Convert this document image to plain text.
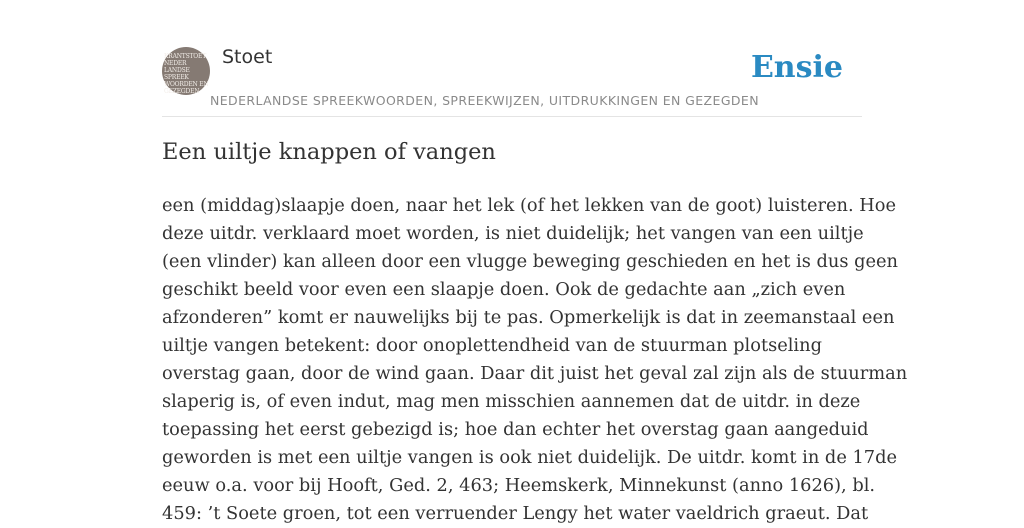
KRANTSTOET
NEDER
LANDSE
SPREEK
WOORDEN EN
GEZEGDEN
Stoet
NEDERLANDSE SPREEKWOORDEN, SPREEKWIJZEN, UITDRUKKINGEN EN GEZEGDEN
Ensie
Een uiltje knappen of vangen

een (middag)slaapje doen, naar het lek (of het lekken van de goot) luisteren. Hoe
deze uitdr. verklaard moet worden, is niet duidelijk; het vangen van een uiltje
(een vlinder) kan alleen door een vlugge beweging geschieden en het is dus geen
geschikt beeld voor even een slaapje doen. Ook de gedachte aan „zich even
afzonderen” komt er nauwelijks bij te pas. Opmerkelijk is dat in zeemanstaal een
uiltje vangen betekent: door onoplettendheid van de stuurman plotseling
overstag gaan, door de wind gaan. Daar dit juist het geval zal zijn als de stuurman
slaperig is, of even indut, mag men misschien aannemen dat de uitdr. in deze
toepassing het eerst gebezigd is; hoe dan echter het overstag gaan aangeduid
geworden is met een uiltje vangen is ook niet duidelijk. De uitdr. komt in de 17de
eeuw o.a. voor bij Hooft, Ged. 2, 463; Heemskerk, Minnekunst (anno 1626), bl.
459: ’t Soete groen, tot een verruender Lengy het water vaeldrich graeut. Dat
